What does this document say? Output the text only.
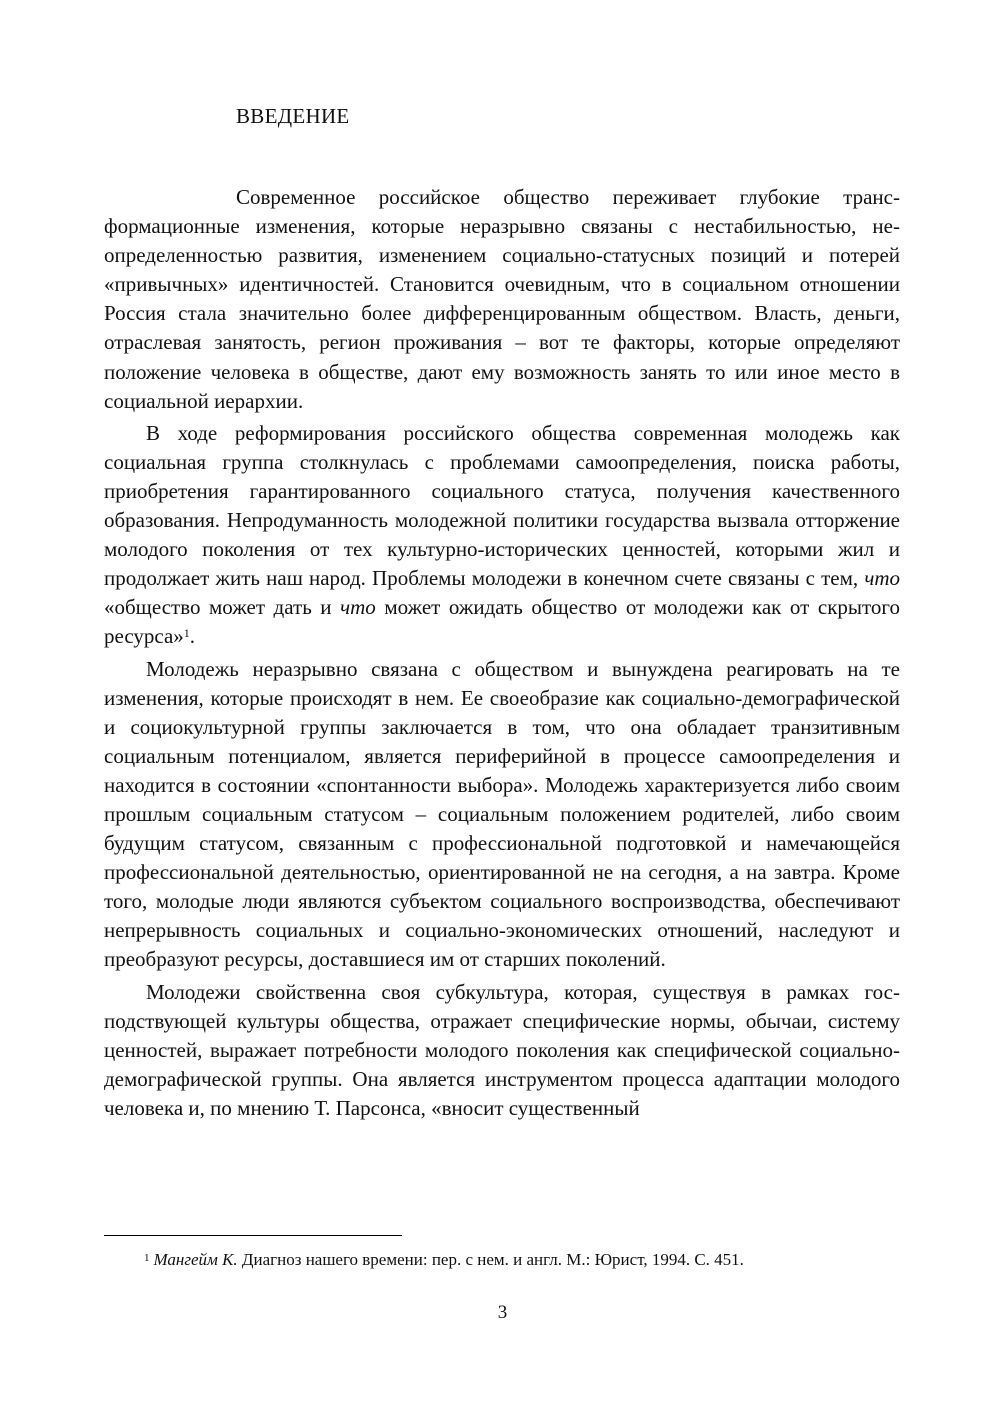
ВВЕДЕНИЕ

Современное российское общество переживает глубокие трансформационные изменения, которые неразрывно связаны с нестабильностью, неопределенностью развития, изменением социально-статусных позиций и потерей «привычных» идентичностей. Становится очевидным, что в социальном отношении Россия стала значительно более дифференцированным обществом. Власть, деньги, отраслевая занятость, регион проживания – вот те факторы, которые определяют положение человека в обществе, дают ему возможность занять то или иное место в социальной иерархии.

В ходе реформирования российского общества современная молодежь как социальная группа столкнулась с проблемами самоопределения, поиска работы, приобретения гарантированного социального статуса, получения качественного образования. Непродуманность молодежной политики государства вызвала отторжение молодого поколения от тех культурно-исторических ценностей, которыми жил и продолжает жить наш народ. Проблемы молодежи в конечном счете связаны с тем, что «общество может дать и что может ожидать общество от молодежи как от скрытого ресурса»$^1$.

Молодежь неразрывно связана с обществом и вынуждена реагировать на те изменения, которые происходят в нем. Ее своеобразие как социально-демографической и социокультурной группы заключается в том, что она обладает транзитивным социальным потенциалом, является периферийной в процессе самоопределения и находится в состоянии «спонтанности выбора». Молодежь характеризуется либо своим прошлым социальным статусом – социальным положением родителей, либо своим будущим статусом, связанным с профессиональной подготовкой и намечающейся профессиональной деятельностью, ориентированной не на сегодня, а на завтра. Кроме того, молодые люди являются субъектом социального воспроизводства, обеспечивают непрерывность социальных и социально-экономических отношений, наследуют и преобразуют ресурсы, доставшиеся им от старших поколений.

Молодежи свойственна своя субкультура, которая, существуя в рамках господствующей культуры общества, отражает специфические нормы, обычаи, систему ценностей, выражает потребности молодого поколения как специфической социально-демографической группы. Она является инструментом процесса адаптации молодого человека и, по мнению Т. Парсонса, «вносит существенный

$^1$ Мангейм К. Диагноз нашего времени: пер. с нем. и англ. М.: Юрист, 1994. С. 451.
3
